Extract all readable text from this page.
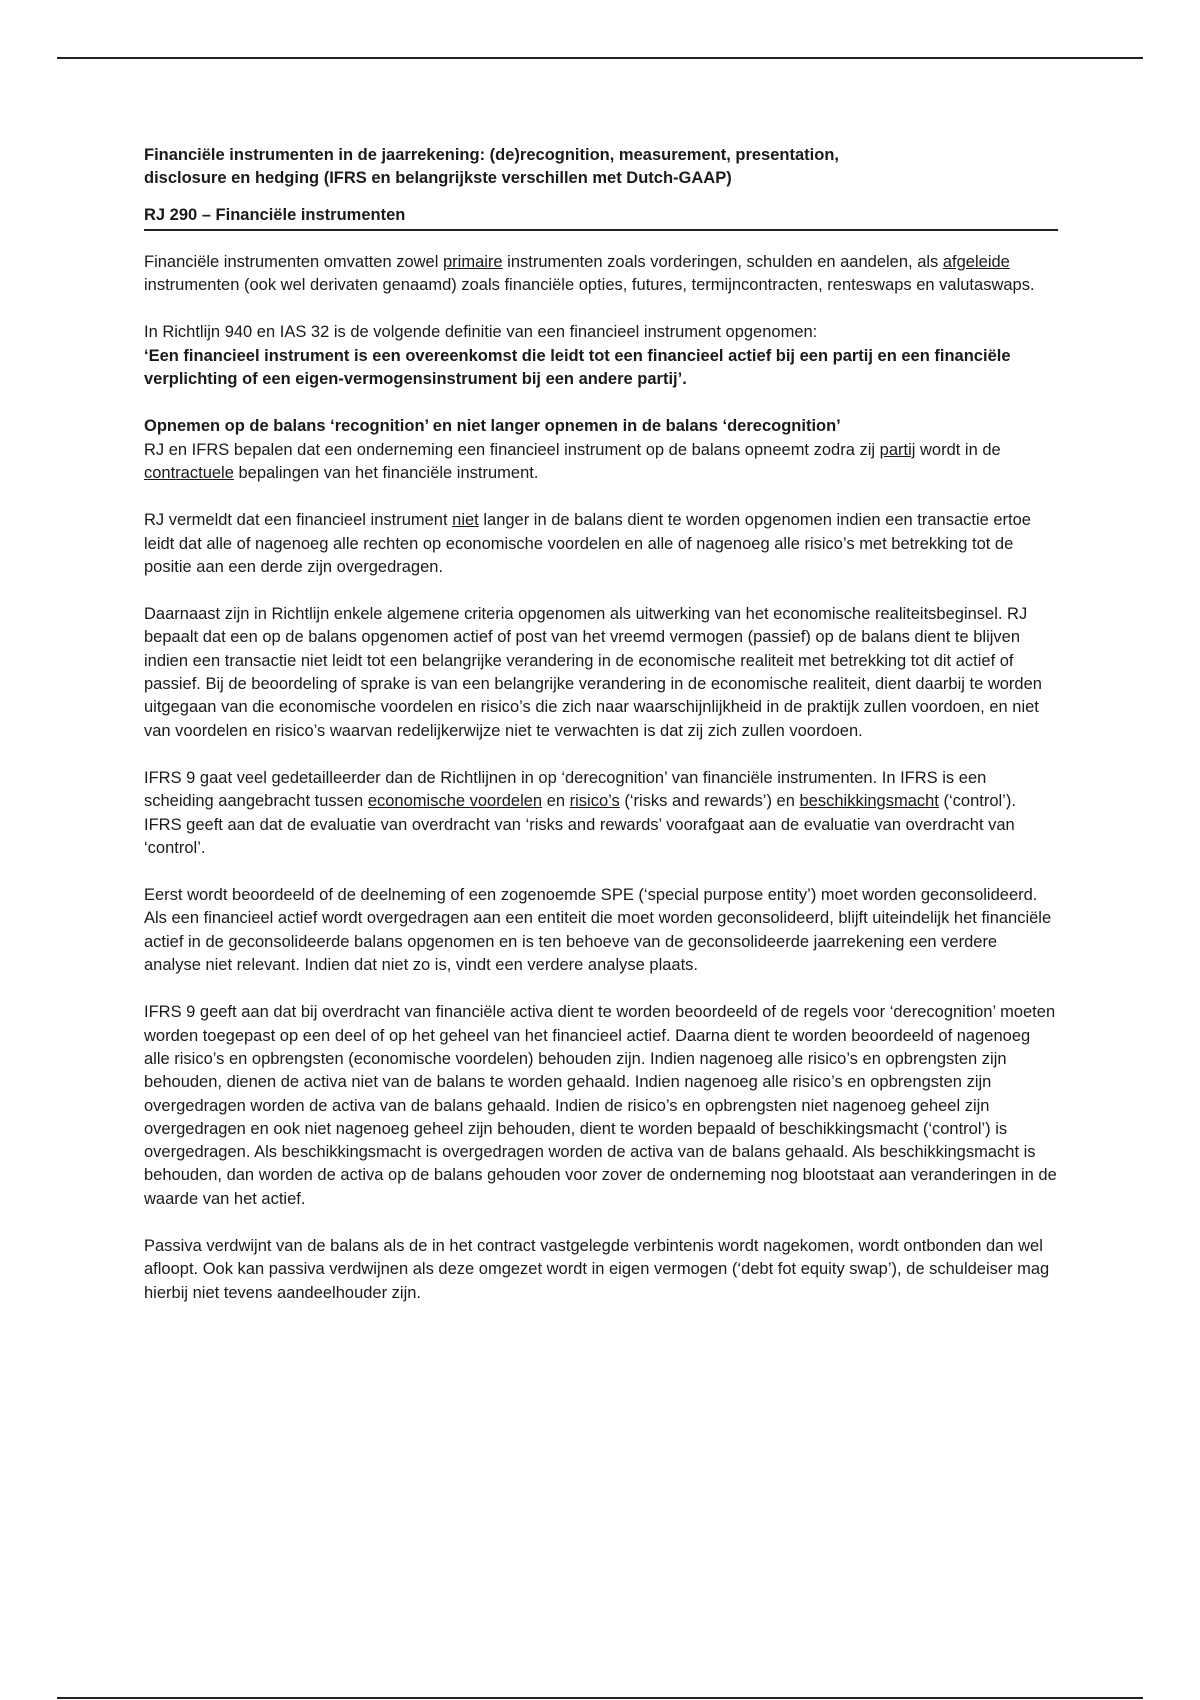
Financiële instrumenten in de jaarrekening: (de)recognition, measurement, presentation,
disclosure en hedging (IFRS en belangrijkste verschillen met Dutch-GAAP)
RJ 290 – Financiële instrumenten

Financiële instrumenten omvatten zowel primaire instrumenten zoals vorderingen, schulden en aandelen, als afgeleide instrumenten (ook wel derivaten genaamd) zoals financiële opties, futures, termijncontracten, renteswaps en valutaswaps.

In Richtlijn 940 en IAS 32 is de volgende definitie van een financieel instrument opgenomen:
‘Een financieel instrument is een overeenkomst die leidt tot een financieel actief bij een partij en een financiële verplichting of een eigen-vermogensinstrument bij een andere partij’.

Opnemen op de balans ‘recognition’ en niet langer opnemen in de balans ‘derecognition’
RJ en IFRS bepalen dat een onderneming een financieel instrument op de balans opneemt zodra zij partij wordt in de contractuele bepalingen van het financiële instrument.

RJ vermeldt dat een financieel instrument niet langer in de balans dient te worden opgenomen indien een transactie ertoe leidt dat alle of nagenoeg alle rechten op economische voordelen en alle of nagenoeg alle risico’s met betrekking tot de positie aan een derde zijn overgedragen.

Daarnaast zijn in Richtlijn enkele algemene criteria opgenomen als uitwerking van het economische realiteitsbeginsel. RJ bepaalt dat een op de balans opgenomen actief of post van het vreemd vermogen (passief) op de balans dient te blijven indien een transactie niet leidt tot een belangrijke verandering in de economische realiteit met betrekking tot dit actief of passief. Bij de beoordeling of sprake is van een belangrijke verandering in de economische realiteit, dient daarbij te worden uitgegaan van die economische voordelen en risico’s die zich naar waarschijnlijkheid in de praktijk zullen voordoen, en niet van voordelen en risico’s waarvan redelijkerwijze niet te verwachten is dat zij zich zullen voordoen.

IFRS 9 gaat veel gedetailleerder dan de Richtlijnen in op ‘derecognition’ van financiële instrumenten. In IFRS is een scheiding aangebracht tussen economische voordelen en risico’s (‘risks and rewards’) en beschikkingsmacht (‘control’). IFRS geeft aan dat de evaluatie van overdracht van ‘risks and rewards’ voorafgaat aan de evaluatie van overdracht van ‘control’.

Eerst wordt beoordeeld of de deelneming of een zogenoemde SPE (‘special purpose entity’) moet worden geconsolideerd. Als een financieel actief wordt overgedragen aan een entiteit die moet worden geconsolideerd, blijft uiteindelijk het financiële actief in de geconsolideerde balans opgenomen en is ten behoeve van de geconsolideerde jaarrekening een verdere analyse niet relevant. Indien dat niet zo is, vindt een verdere analyse plaats.

IFRS 9 geeft aan dat bij overdracht van financiële activa dient te worden beoordeeld of de regels voor ‘derecognition’ moeten worden toegepast op een deel of op het geheel van het financieel actief. Daarna dient te worden beoordeeld of nagenoeg alle risico’s en opbrengsten (economische voordelen) behouden zijn. Indien nagenoeg alle risico’s en opbrengsten zijn behouden, dienen de activa niet van de balans te worden gehaald. Indien nagenoeg alle risico’s en opbrengsten zijn overgedragen worden de activa van de balans gehaald. Indien de risico’s en opbrengsten niet nagenoeg geheel zijn overgedragen en ook niet nagenoeg geheel zijn behouden, dient te worden bepaald of beschikkingsmacht (‘control’) is overgedragen. Als beschikkingsmacht is overgedragen worden de activa van de balans gehaald. Als beschikkingsmacht is behouden, dan worden de activa op de balans gehouden voor zover de onderneming nog blootstaat aan veranderingen in de waarde van het actief.

Passiva verdwijnt van de balans als de in het contract vastgelegde verbintenis wordt nagekomen, wordt ontbonden dan wel afloopt. Ook kan passiva verdwijnen als deze omgezet wordt in eigen vermogen (‘debt fot equity swap’), de schuldeiser mag hierbij niet tevens aandeelhouder zijn.
